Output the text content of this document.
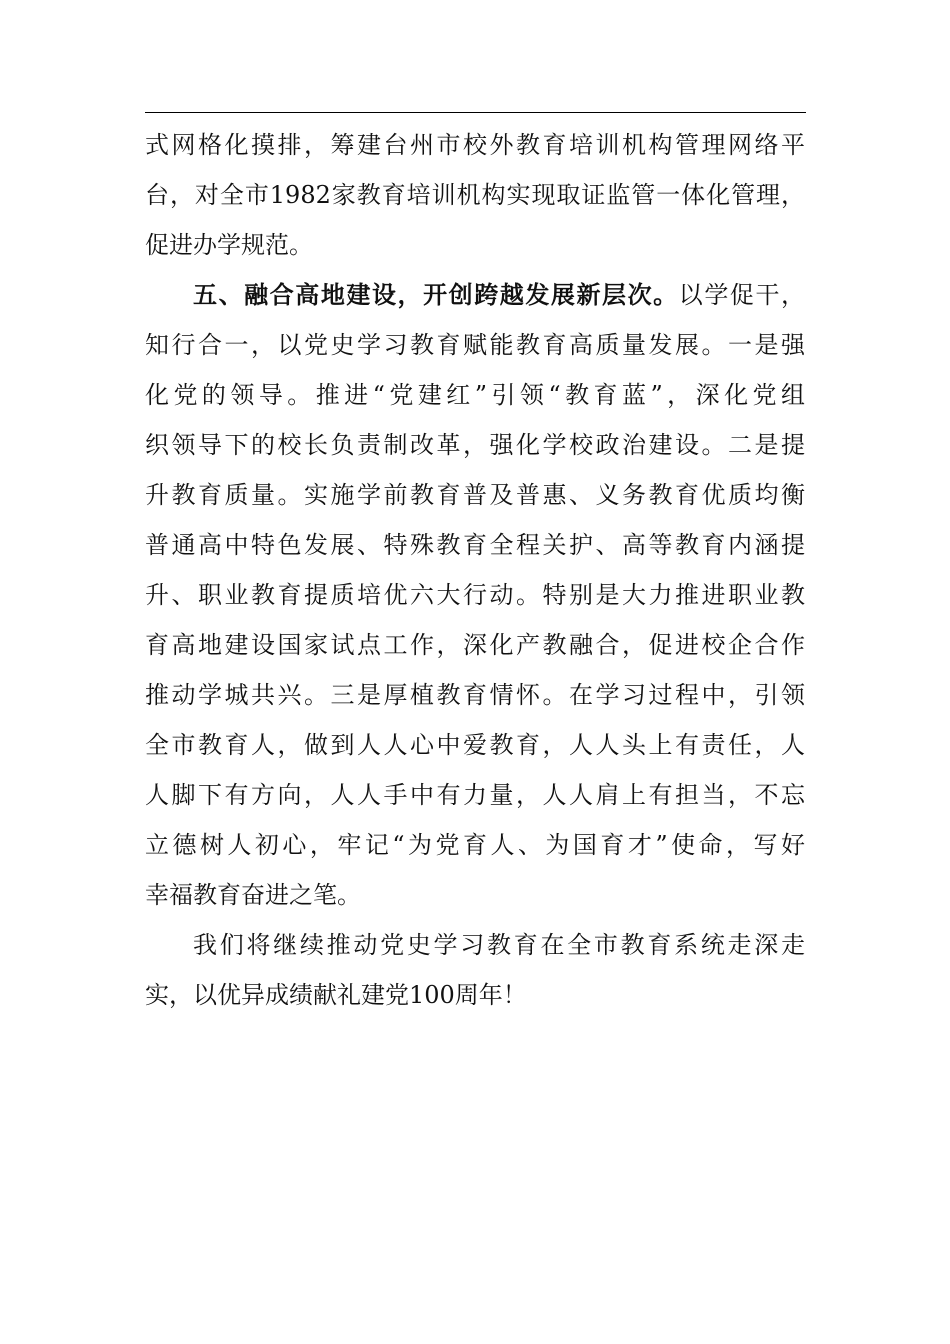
式网格化摸排，筹建台州市校外教育培训机构管理网络平
台，对全市1982家教育培训机构实现取证监管一体化管理，
促进办学规范。
五、融合高地建设，开创跨越发展新层次。以学促干，
知行合一，以党史学习教育赋能教育高质量发展。一是强
化党的领导。推进“党建红”引领“教育蓝”，深化党组
织领导下的校长负责制改革，强化学校政治建设。二是提
升教育质量。实施学前教育普及普惠、义务教育优质均衡
普通高中特色发展、特殊教育全程关护、高等教育内涵提
升、职业教育提质培优六大行动。特别是大力推进职业教
育高地建设国家试点工作，深化产教融合，促进校企合作
推动学城共兴。三是厚植教育情怀。在学习过程中，引领
全市教育人，做到人人心中爱教育，人人头上有责任，人
人脚下有方向，人人手中有力量，人人肩上有担当，不忘
立德树人初心，牢记“为党育人、为国育才”使命，写好
幸福教育奋进之笔。
我们将继续推动党史学习教育在全市教育系统走深走
实，以优异成绩献礼建党100周年！
